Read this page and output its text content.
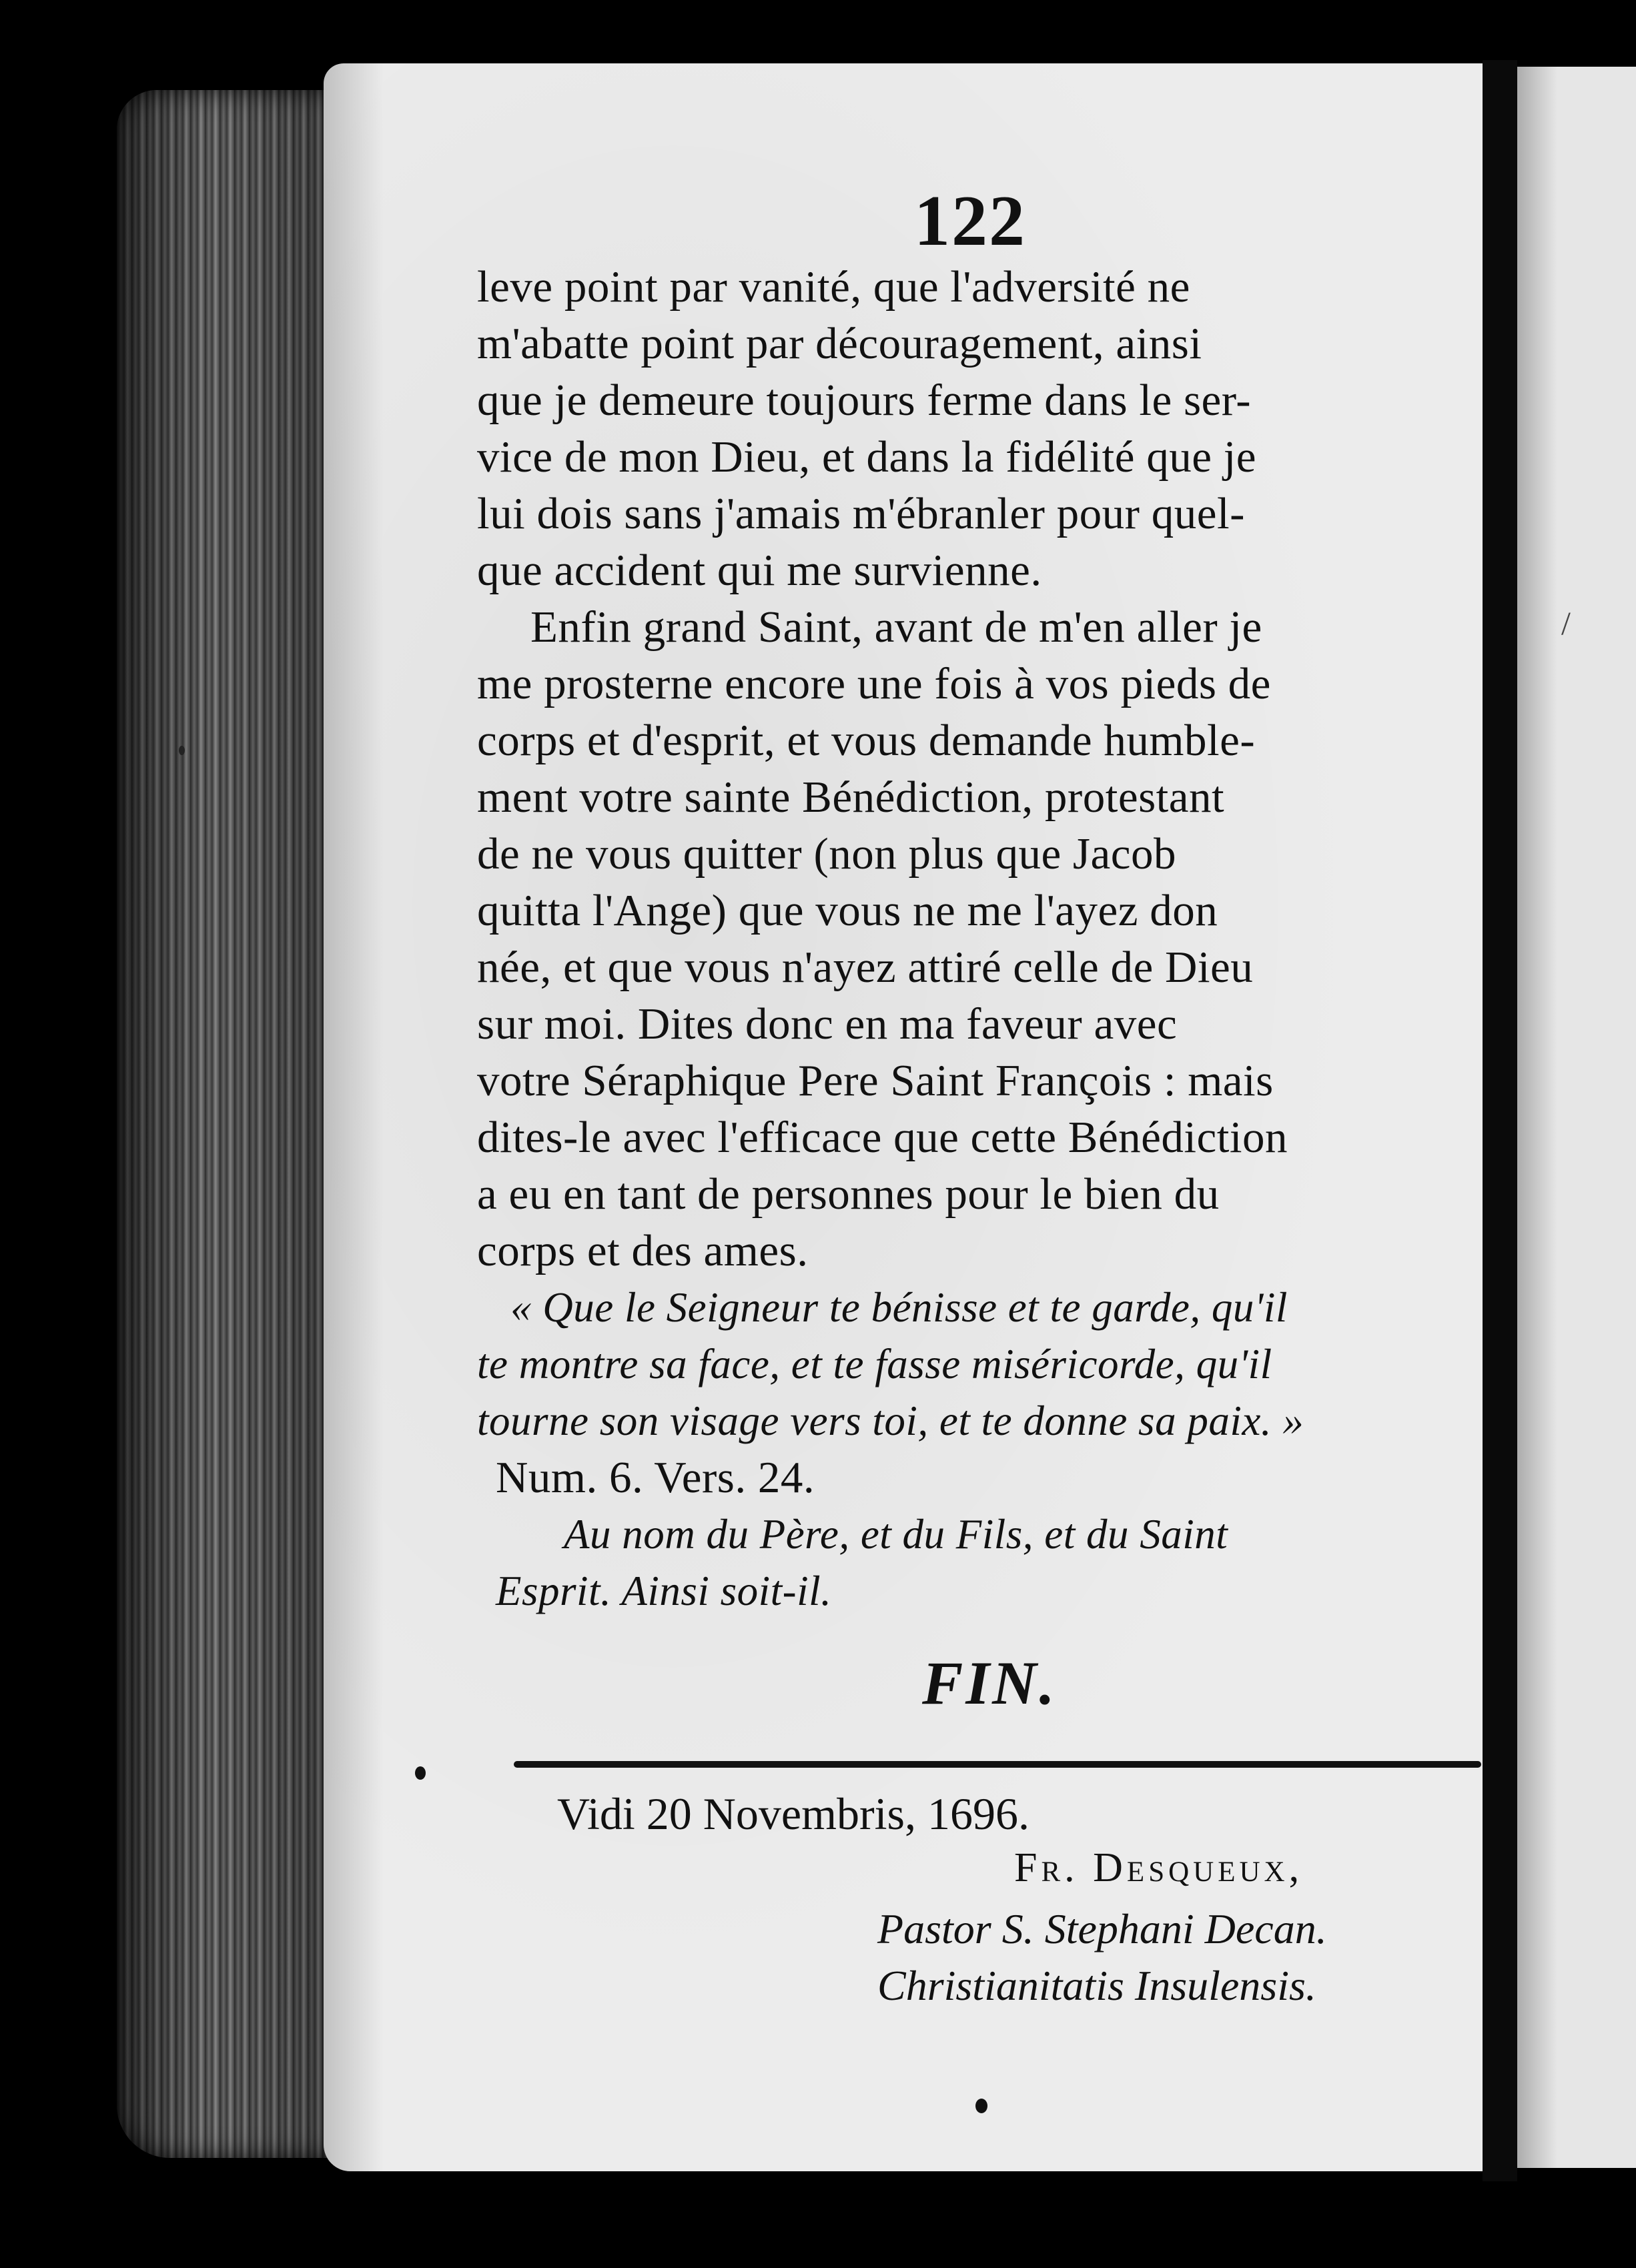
/
122
leve point par vanité, que l'adversité ne
m'abatte point par découragement, ainsi
que je demeure toujours ferme dans le ser-
vice de mon Dieu, et dans la fidélité que je
lui dois sans j'amais m'ébranler pour quel-
que accident qui me survienne.
Enfin grand Saint, avant de m'en aller je
me prosterne encore une fois à vos pieds de
corps et d'esprit, et vous demande humble-
ment votre sainte Bénédiction, protestant
de ne vous quitter (non plus que Jacob
quitta l'Ange) que vous ne me l'ayez don
née, et que vous n'ayez attiré celle de Dieu
sur moi. Dites donc en ma faveur avec
votre Séraphique Pere Saint François : mais
dites-le avec l'efficace que cette Bénédiction
a eu en tant de personnes pour le bien du
corps et des ames.
« Que le Seigneur te bénisse et te garde, qu'il
te montre sa face, et te fasse miséricorde, qu'il
tourne son visage vers toi, et te donne sa paix. »
Num. 6. Vers. 24.
Au nom du Père, et du Fils, et du Saint
Esprit. Ainsi soit-il.
FIN.
Vidi 20 Novembris, 1696.
Fr. Desqueux,
Pastor S. Stephani Decan.
Christianitatis Insulensis.
